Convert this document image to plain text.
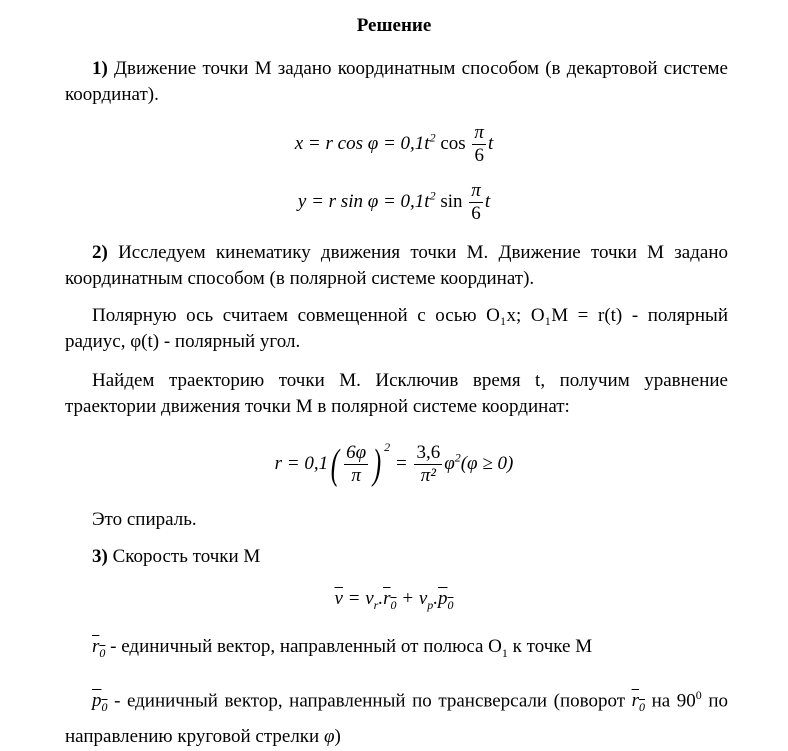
Решение
1) Движение точки М задано координатным способом (в декартовой системе координат).
x = r $\cos \varphi = 0,1t^2$ $\cos \frac{\pi}{6}$ t
y = r $\sin \varphi = 0,1t^2$ $\sin \frac{\pi}{6}$ t
2) Исследуем кинематику движения точки М. Движение точки М задано координатным способом (в полярной системе координат).
Полярную ось считаем совмещенной с осью O₁x; O₁M = r(t) - полярный радиус, φ(t) - полярный угол.
Найдем траекторию точки М. Исключив время t, получим уравнение траектории движения точки М в полярной системе координат:
$r = 0,1( \frac{6\varphi}{\pi}$ ) $^2 = \frac{3,6}{\text{π²}} \varphi^2(\varphi \ge 0)$
Это спираль.
3) Скорость точки М
$\overline{v} = v_r.r_0 + v_p.p_0$
$r_0$ - единичный вектор, направленный от полюса $O_1$ к точке М
$p_0$ - единичный вектор, направленный по трансверсали (поворот $r_0$ на $90^0$ по направлению круговой стрелки φ)
